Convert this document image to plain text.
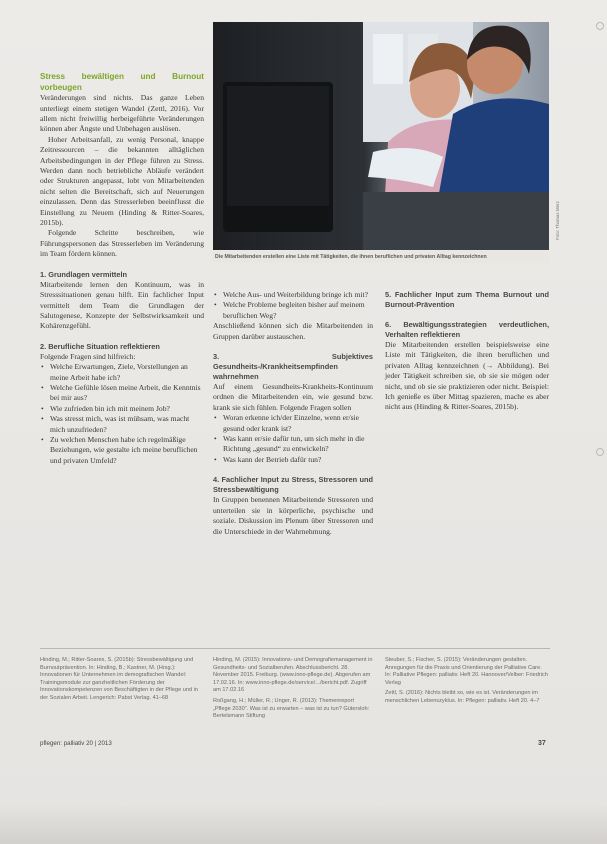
Die Mitarbeitenden erstellen eine Liste mit Tätigkeiten, die ihnen beruflichen und privaten Alltag kennzeichnen
Foto: Thomas Merz

Stress bewältigen und Burnout vorbeugen

Veränderungen sind nichts. Das ganze Leben unterliegt einem stetigen Wandel (Zettl, 2016). Vor allem nicht freiwillig herbeigeführte Veränderungen können aber Ängste und Unbehagen auslösen.

Hoher Arbeitsanfall, zu wenig Personal, knappe Zeitressourcen – die bekannten alltäglichen Arbeitsbedingungen in der Pflege führen zu Stress. Werden dann noch betriebliche Abläufe verändert oder Strukturen angepasst, lobt von Mitarbeitenden nicht selten die Bereitschaft, sich auf Neuerungen einzulassen. Denn das Stresserleben beeinflusst die Einstellung zu Neuem (Hinding & Ritter-Soares, 2015b).

Folgende Schritte beschreiben, wie Führungspersonen das Stresserleben im Veränderung im Team fördern können.

1. Grundlagen vermitteln

Mitarbeitende lernen den Kontinuum, was in Stresssituationen genau hilft. Ein fachlicher Input vermittelt dem Team die Grundlagen der Salutogenese, Konzepte der Selbstwirksamkeit und Kohärenzgefühl.

2. Berufliche Situation reflektieren

Folgende Fragen sind hilfreich:

• Welche Erwartungen, Ziele, Vorstellungen an meine Arbeit habe ich?
• Welche Gefühle lösen meine Arbeit, die Kenntnis bei mir aus?
• Wie zufrieden bin ich mit meinem Job?
• Was stresst mich, was ist mühsam, was macht mich unzufrieden?
• Zu welchen Menschen habe ich regelmäßige Beziehungen, wie gestalte ich meine beruflichen und privaten Umfeld?
• Welche Aus- und Weiterbildung bringe ich mit?
• Welche Probleme begleiten bisher auf meinem beruflichen Weg?

Anschließend können sich die Mitarbeitenden in Gruppen darüber austauschen.

3. Subjektives Gesundheits-/Krankheitsempfinden wahrnehmen

Auf einem Gesundheits-Krankheits-Kontinuum ordnen die Mitarbeitenden ein, wie gesund bzw. krank sie sich fühlen. Folgende Fragen sollen

• Woran erkenne ich/der Einzelne, wenn er/sie gesund oder krank ist?
• Was kann er/sie dafür tun, um sich mehr in die Richtung „gesund“ zu entwickeln?
• Was kann der Betrieb dafür tun?

4. Fachlicher Input zu Stress, Stressoren und Stressbewältigung

In Gruppen benennen Mitarbeitende Stressoren und unterteilen sie in körperliche, psychische und soziale. Diskussion im Plenum über Stressoren und die Unterschiede in der Wahrnehmung.

5. Fachlicher Input zum Thema Burnout und Burnout-Prävention

6. Bewältigungsstrategien verdeutlichen, Verhalten reflektieren

Die Mitarbeitenden erstellen beispielsweise eine Liste mit Tätigkeiten, die ihren beruflichen und privaten Alltag kennzeichnen (→ Abbildung). Bei jeder Tätigkeit schreiben sie, ob sie sie mögen oder nicht, und ob sie sie praktizieren oder nicht. Beispiel: Ich genieße es über Mittag spazieren, mache es aber nicht aus (Hinding & Ritter-Soares, 2015b).

Hinding, M.; Ritter-Soares, S. (2015b): Stressbewältigung und Burnoutprävention. In: Hinding, B.; Kastner, M. (Hrsg.): Innovationen für Unternehmen im demografischen Wandel: Trainingsmodule zur ganzheitlichen Förderung der Innovationskompetenzen von Beschäftigten in der Pflege und in der Sozialen Arbeit. Lengerich: Pabst Verlag. 41–68
Hinding, M. (2015): Innovations- und Demografiemanagement in Gesundheits- und Sozialberufen. Abschlussbericht. 28. November 2015. Freiburg. (www.inno-pflege.de). Abgerufen am 17.02.16. In: www.inno-pflege.de/service/.../bericht.pdf. Zugriff am 17.02.16
Roßgang, H.; Müller, R.; Unger, R. (2013): Themenreport „Pflege 2030“. Was ist zu erwarten – was ist zu tun? Gütersloh: Bertelsmann Stiftung
Steuber, S.; Fischer, S. (2015): Veränderungen gestalten. Anregungen für die Praxis und Orientierung der Palliative Care. In: Palliative Pflegen: palliativ. Heft 20. Hannover/Velber: Friedrich Verlag
Zettl, S. (2016): Nichts bleibt so, wie es ist. Veränderungen im menschlichen Lebenszyklus. In: Pflegen: palliativ. Heft 20. 4–7
pflegen: palliativ 20 | 2013	37
